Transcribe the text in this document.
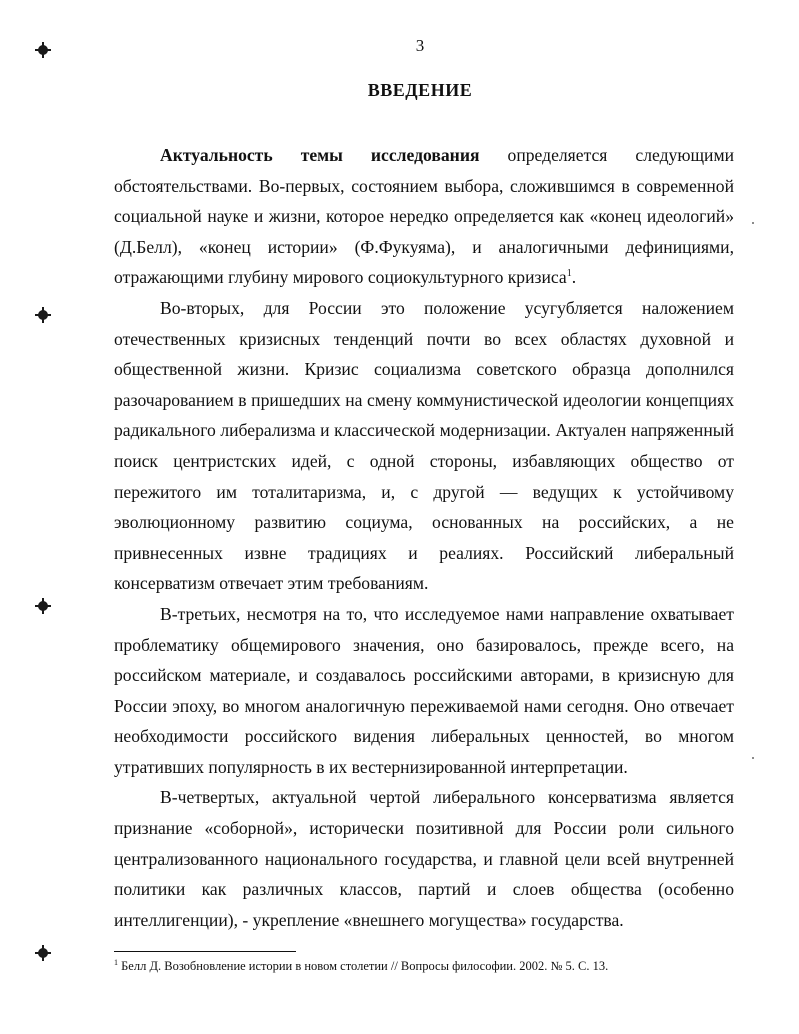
3
ВВЕДЕНИЕ

Актуальность темы исследования определяется следующими обстоятельствами. Во-первых, состоянием выбора, сложившимся в современной социальной науке и жизни, которое нередко определяется как «конец идеологий» (Д.Белл), «конец истории» (Ф.Фукуяма), и аналогичными дефинициями, отражающими глубину мирового социокультурного кризиса$^1$.

Во-вторых, для России это положение усугубляется наложением отечественных кризисных тенденций почти во всех областях духовной и общественной жизни. Кризис социализма советского образца дополнился разочарованием в пришедших на смену коммунистической идеологии концепциях радикального либерализма и классической модернизации. Актуален напряженный поиск центристских идей, с одной стороны, избавляющих общество от пережитого им тоталитаризма, и, с другой — ведущих к устойчивому эволюционному развитию социума, основанных на российских, а не привнесенных извне традициях и реалиях. Российский либеральный консерватизм отвечает этим требованиям.

В-третьих, несмотря на то, что исследуемое нами направление охватывает проблематику общемирового значения, оно базировалось, прежде всего, на российском материале, и создавалось российскими авторами, в кризисную для России эпоху, во многом аналогичную переживаемой нами сегодня. Оно отвечает необходимости российского видения либеральных ценностей, во многом утративших популярность в их вестернизированной интерпретации.

В-четвертых, актуальной чертой либерального консерватизма является признание «соборной», исторически позитивной для России роли сильного централизованного национального государства, и главной цели всей внутренней политики как различных классов, партий и слоев общества (особенно интеллигенции), - укрепление «внешнего могущества» государства.

$^1$ Белл Д. Возобновление истории в новом столетии // Вопросы философии. 2002. № 5. С. 13.
